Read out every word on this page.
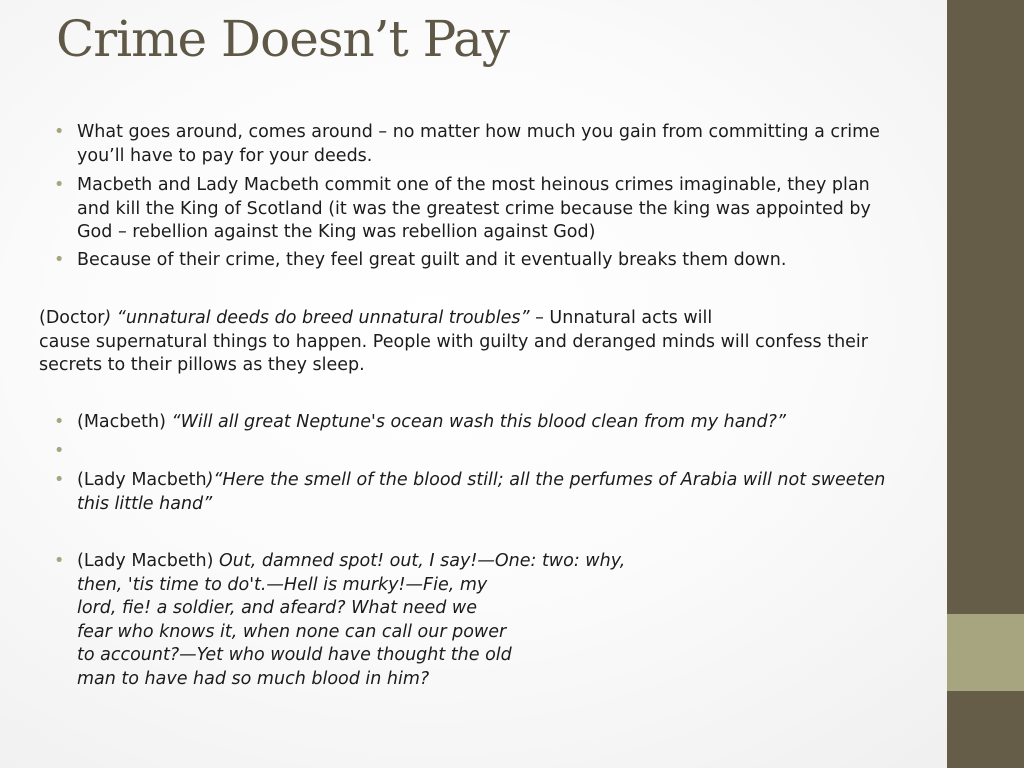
Crime Doesn’t Pay
• What goes around, comes around – no matter how much you gain from committing a crime
you’ll have to pay for your deeds.
• Macbeth and Lady Macbeth commit one of the most heinous crimes imaginable, they plan
and kill the King of Scotland (it was the greatest crime because the king was appointed by
God – rebellion against the King was rebellion against God)
• Because of their crime, they feel great guilt and it eventually breaks them down.
(Doctor) “unnatural deeds do breed unnatural troubles” – Unnatural acts will
cause supernatural things to happen. People with guilty and deranged minds will confess their
secrets to their pillows as they sleep.
• (Macbeth) “Will all great Neptune's ocean wash this blood clean from my hand?”
• (Lady Macbeth)“Here the smell of the blood still; all the perfumes of Arabia will not sweeten
this little hand”
• (Lady Macbeth) Out, damned spot! out, I say!—One: two: why,
then, 'tis time to do't.—Hell is murky!—Fie, my
lord, fie! a soldier, and afeard? What need we
fear who knows it, when none can call our power
to account?—Yet who would have thought the old
man to have had so much blood in him?
